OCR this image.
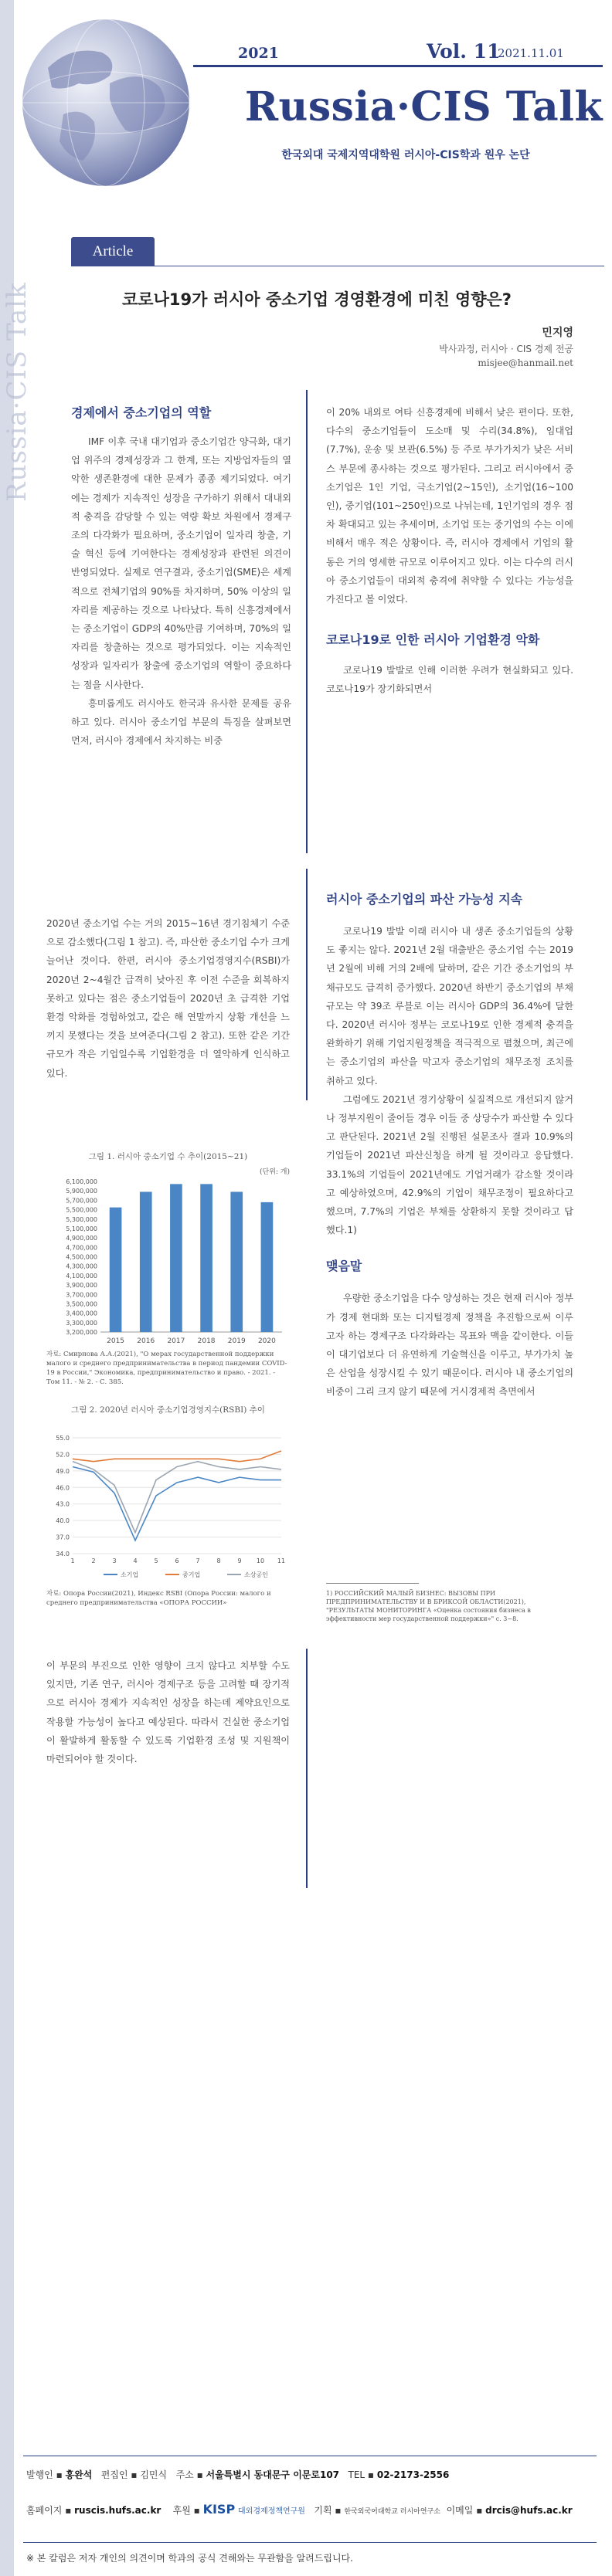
Russia·CIS Talk
2021	Vol. 11
2021.11.01
Russia·CIS Talk
한국외대 국제지역대학원 러시아-CIS학과 원우 논단
Article
코로나19가 러시아 중소기업 경영환경에 미친 영향은?
민지영
박사과정, 러시아 · CIS 경제 전공
misjee@hanmail.net
경제에서 중소기업의 역할

IMF 이후 국내 대기업과 중소기업간 양극화, 대기업 위주의 경제성장과 그 한계, 또는 지방업자들의 열악한 생존환경에 대한 문제가 종종 제기되었다. 여기에는 경제가 지속적인 성장을 구가하기 위해서 대내외적 충격을 감당할 수 있는 역량 확보 차원에서 경제구조의 다각화가 필요하며, 중소기업이 일자리 창출, 기술 혁신 등에 기여한다는 경제성장과 관련된 의견이 반영되었다. 실제로 연구결과, 중소기업(SME)은 세계적으로 전체기업의 90%를 차지하며, 50% 이상의 일자리를 제공하는 것으로 나타났다. 특히 신흥경제에서는 중소기업이 GDP의 40%만큼 기여하며, 70%의 일자리를 창출하는 것으로 평가되었다. 이는 지속적인 성장과 일자리가 창출에 중소기업의 역할이 중요하다는 점을 시사한다.

흥미롭게도 러시아도 한국과 유사한 문제를 공유하고 있다. 러시아 중소기업 부문의 특징을 살펴보면 먼저, 러시아 경제에서 차지하는 비중

이 20% 내외로 여타 신흥경제에 비해서 낮은 편이다. 또한, 다수의 중소기업들이 도소매 및 수리(34.8%), 임대업(7.7%), 운송 및 보관(6.5%) 등 주로 부가가치가 낮은 서비스 부문에 종사하는 것으로 평가된다. 그리고 러시아에서 중소기업은 1인 기업, 극소기업(2~15인), 소기업(16~100인), 중기업(101~250인)으로 나뉘는데, 1인기업의 경우 점차 확대되고 있는 추세이며, 소기업 또는 중기업의 수는 이에 비해서 매우 적은 상황이다. 즉, 러시아 경제에서 기업의 활동은 거의 영세한 규모로 이루어지고 있다. 이는 다수의 러시아 중소기업들이 대외적 충격에 취약할 수 있다는 가능성을 가진다고 볼 이었다.

코로나19로 인한 러시아 기업환경 악화

코로나19 발발로 인해 이러한 우려가 현실화되고 있다. 코로나19가 장기화되면서

2020년 중소기업 수는 거의 2015~16년 경기침체기 수준으로 감소했다(그림 1 참고). 즉, 파산한 중소기업 수가 크게 늘어난 것이다. 한편, 러시아 중소기업경영지수(RSBI)가 2020년 2~4월간 급격히 낮아진 후 이전 수준을 회복하지 못하고 있다는 점은 중소기업들이 2020년 초 급격한 기업환경 악화를 경험하였고, 같은 해 연말까지 상황 개선을 느끼지 못했다는 것을 보여준다(그림 2 참고). 또한 같은 기간 규모가 작은 기업일수록 기업환경을 더 열악하게 인식하고 있다.

그림 1. 러시아 중소기업 수 추이(2015~21)
(단위: 개)
6,100,000
5,900,000
5,700,000
5,500,000
5,300,000
5,100,000
4,900,000
4,700,000
4,500,000
4,300,000
4,100,000
3,900,000
3,700,000
3,500,000
3,400,000
3,300,000
3,200,000
2015 2016 2017 2018 2019 2020
자료: Смирнова А.А.(2021), "О мерах государственной поддержки малого и среднего предпринимательства в период пандемии COVID-19 в России," Экономика, предпринимательство и право. - 2021. - Том 11. - № 2. - С. 385.
그림 2. 2020년 러시아 중소기업경영지수(RSBI) 추이
55.0
52.0
49.0
46.0
43.0
40.0
37.0
34.0
1	2	3	4	5	6	7	8	9 10 11
소기업	중기업	소상공인
자료: Опора России(2021), Индекс RSBI (Опора России: малого и среднего предпринимательства «ОПОРА РОССИИ»
러시아 중소기업의 파산 가능성 지속

코로나19 발발 이래 러시아 내 생존 중소기업들의 상황도 좋지는 않다. 2021년 2월 대출받은 중소기업 수는 2019년 2월에 비해 거의 2배에 달하며, 같은 기간 중소기업의 부채규모도 급격히 증가했다. 2020년 하반기 중소기업의 부채규모는 약 39조 루블로 이는 러시아 GDP의 36.4%에 달한다. 2020년 러시아 정부는 코로나19로 인한 경제적 충격을 완화하기 위해 기업지원정책을 적극적으로 펼쳤으며, 최근에는 중소기업의 파산을 막고자 중소기업의 채무조정 조치를 취하고 있다.

그럼에도 2021년 경기상황이 실질적으로 개선되지 않거나 정부지원이 줄어들 경우 이들 중 상당수가 파산할 수 있다고 판단된다. 2021년 2월 진행된 설문조사 결과 10.9%의 기업들이 2021년 파산신청을 하게 될 것이라고 응답했다. 33.1%의 기업들이 2021년에도 기업거래가 감소할 것이라고 예상하였으며, 42.9%의 기업이 채무조정이 필요하다고 했으며, 7.7%의 기업은 부채를 상환하지 못할 것이라고 답했다.1)

맺음말

우량한 중소기업을 다수 양성하는 것은 현재 러시아 정부가 경제 현대화 또는 디지털경제 정책을 추진함으로써 이루고자 하는 경제구조 다각화라는 목표와 맥을 같이한다. 이들이 대기업보다 더 유연하게 기술혁신을 이루고, 부가가치 높은 산업을 성장시킬 수 있기 때문이다. 러시아 내 중소기업의 비중이 그리 크지 않기 때문에 거시경제적 측면에서

1) РОССИЙСКИЙ МАЛЫЙ БИЗНЕС: ВЫЗОВЫ ПРИ ПРЕДПРИНИМАТЕЛЬСТВУ И В БРИКСОЙ ОБЛАСТИ(2021), "РЕЗУЛЬТАТЫ МОНИТОРИНГА «Оценка состояния бизнеса в эффективности мер государственной поддержки»" с. 3~8.

이 부문의 부진으로 인한 영향이 크지 않다고 치부할 수도 있지만, 기존 연구, 러시아 경제구조 등을 고려할 때 장기적으로 러시아 경제가 지속적인 성장을 하는데 제약요인으로 작용할 가능성이 높다고 예상된다. 따라서 건실한 중소기업이 활발하게 활동할 수 있도록 기업환경 조성 및 지원책이 마련되어야 할 것이다.

발행인 ▪ 홍완석 편집인 ▪ 김민식 주소 ▪ 서울특별시 동대문구 이문로107 TEL ▪ 02-2173-2556
홈페이지 ▪ ruscis.hufs.ac.kr 후원 ▪ KISP 대외경제정책연구원 기획 ▪ 한국외국어대학교 러시아연구소 이메일 ▪ drcis@hufs.ac.kr
※ 본 칼럼은 저자 개인의 의견이며 학과의 공식 견해와는 무관함을 알려드립니다.
